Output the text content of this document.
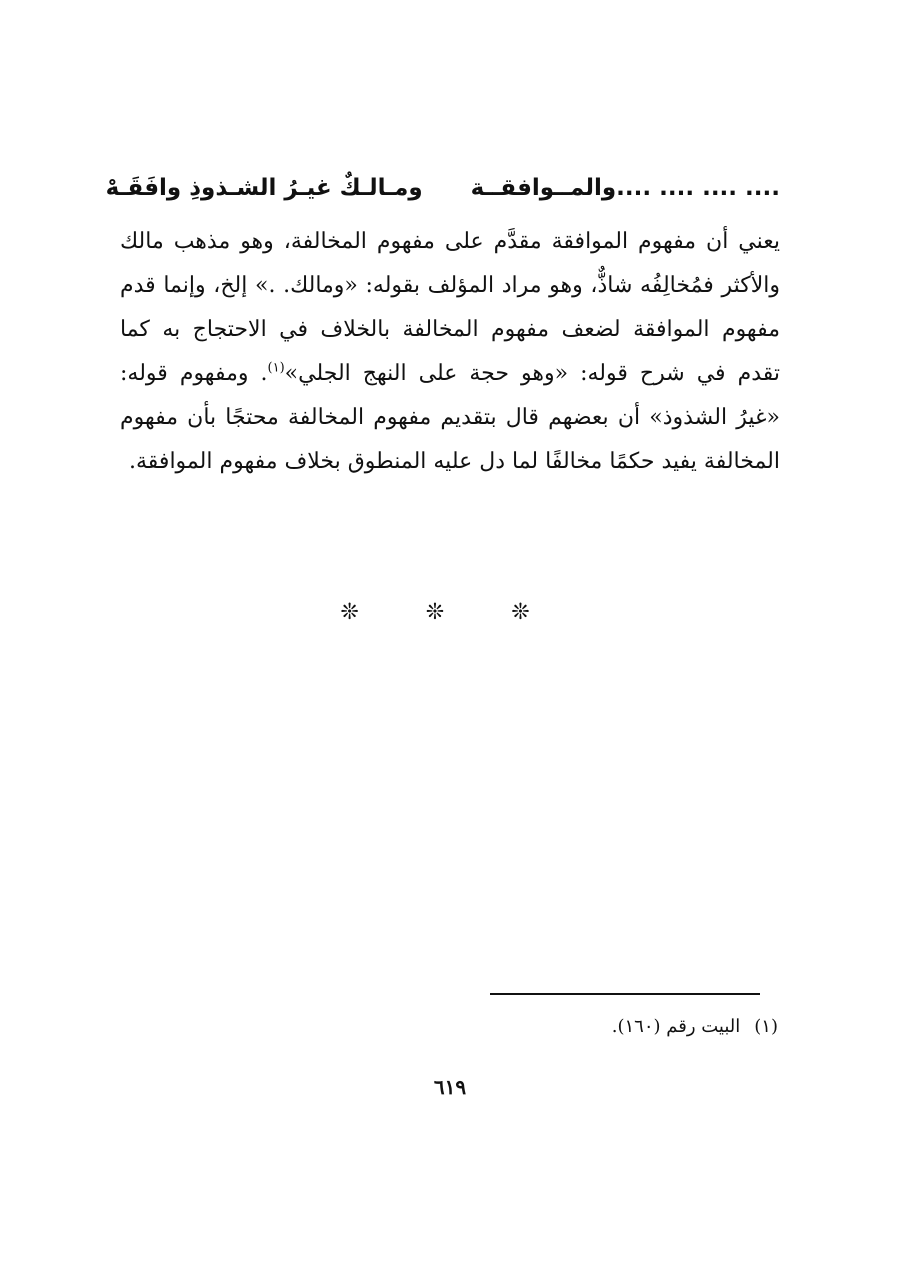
.... .... .... ....والمــوافقــة
ومـالـكٌ غيـرُ الشـذوذِ وافَقَـهْ

يعني أن مفهوم الموافقة مقدَّم على مفهوم المخالفة، وهو مذهب مالك والأكثر فمُخالِفُه شاذٌّ، وهو مراد المؤلف بقوله: «ومالك. .» إلخ، وإنما قدم مفهوم الموافقة لضعف مفهوم المخالفة بالخلاف في الاحتجاج به كما تقدم في شرح قوله: «وهو حجة على النهج الجلي»$^{(١)}$. ومفهوم قوله: «غيرُ الشذوذ» أن بعضهم قال بتقديم مفهوم المخالفة محتجًا بأن مفهوم المخالفة يفيد حكمًا مخالفًا لما دل عليه المنطوق بخلاف مفهوم الموافقة.

❊ ❊ ❊
(١)البيت رقم (١٦٠).
٦١٩
